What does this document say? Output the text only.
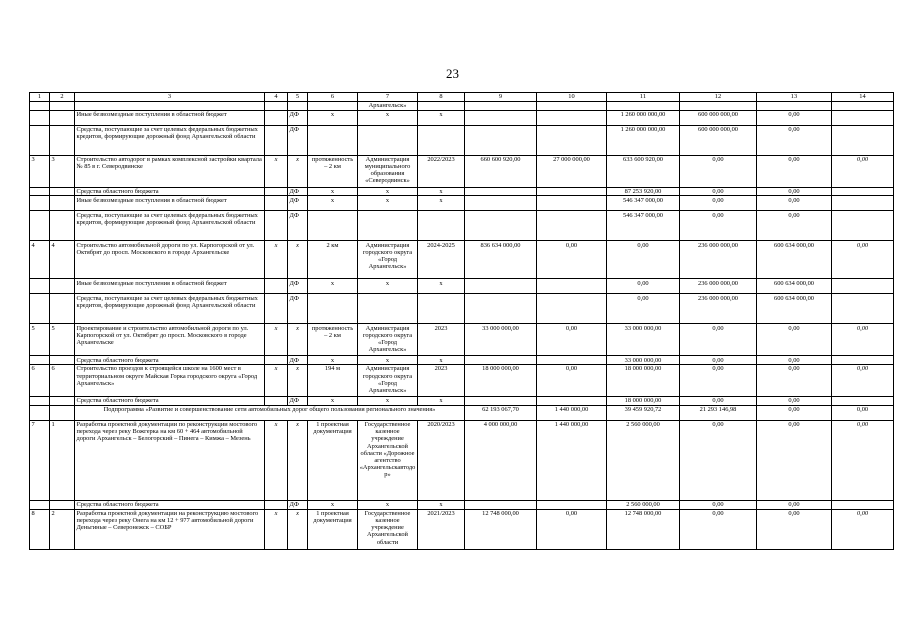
23
1	2	3	4	5	6	7	8	9	10	11	12	13	14
						Архангельск»							
		Иные безвозмездные поступления в областной бюджет		ДФ	х	х	х			1 260 000 000,00	600 000 000,00	0,00	
		Средства, поступающие за счет целевых федеральных бюджетных кредитов, формирующие дорожный фонд Архангельской области		ДФ						1 260 000 000,00	600 000 000,00	0,00	
3	3	Строительство автодорог в рамках комплексной застройки квартала № 85 в г. Северодвинске	х	х	протяженность – 2 км	Администрация муниципального образования «Северодвинск»	2022/2023	660 600 920,00	27 000 000,00	633 600 920,00	0,00	0,00	0,00
		Средства областного бюджета		ДФ	х	х	х			87 253 920,00	0,00	0,00	
		Иные безвозмездные поступления в областной бюджет		ДФ	х	х	х			546 347 000,00	0,00	0,00	
		Средства, поступающие за счет целевых федеральных бюджетных кредитов, формирующие дорожный фонд Архангельской области		ДФ						546 347 000,00	0,00	0,00	
4	4	Строительство автомобильной дороги по ул. Карпогорской от ул. Октябрят до просп. Московского в городе Архангельске	х	х	2 км	Администрация городского округа «Город Архангельск»	2024-2025	836 634 000,00	0,00	0,00	236 000 000,00	600 634 000,00	0,00
		Иные безвозмездные поступления в областной бюджет		ДФ	х	х	х			0,00	236 000 000,00	600 634 000,00	
		Средства, поступающие за счет целевых федеральных бюджетных кредитов, формирующие дорожный фонд Архангельской области		ДФ						0,00	236 000 000,00	600 634 000,00	
5	5	Проектирование и строительство автомобильной дороги по ул. Карпогорской от ул. Октябрят до просп. Московского в городе Архангельске	х	х	протяженность – 2 км	Администрация городского округа «Город Архангельск»	2023	33 000 000,00	0,00	33 000 000,00	0,00	0,00	0,00
		Средства областного бюджета		ДФ	х	х	х			33 000 000,00	0,00	0,00	
6	6	Строительство проездов к строящейся школе на 1600 мест в территориальном округе Майская Горка городского округа «Город Архангельск»	х	х	194 м	Администрация городского округа «Город Архангельск»	2023	18 000 000,00	0,00	18 000 000,00	0,00	0,00	0,00
		Средства областного бюджета		ДФ	х	х	х			18 000 000,00	0,00	0,00	
		Подпрограмма «Развитие и совершенствование сети автомобильных дорог общего пользования регионального значения»						62 193 067,70	1 440 000,00	39 459 920,72	21 293 146,98	0,00	0,00
7	1	Разработка проектной документации по реконструкции мостового перехода через реку Вожгерка на км 60 + 464 автомобильной дороги Архангельск – Белогорский – Пинега – Кимжа – Мезень	х	х	1 проектная документация	Государственное казенное учреждение Архангельской области «Дорожное агентство «Архангельскавтодор»	2020/2023	4 000 000,00	1 440 000,00	2 560 000,00	0,00	0,00	0,00
		Средства областного бюджета		ДФ	х	х	х			2 560 000,00	0,00	0,00	
8	2	Разработка проектной документации на реконструкцию мостового перехода через реку Онега на км 12 + 977 автомобильной дороги Деньгиные – Северонежск – СОБР	х	х	1 проектная документация	Государственное казенное учреждение Архангельской области	2021/2023	12 748 000,00	0,00	12 748 000,00	0,00	0,00	0,00
